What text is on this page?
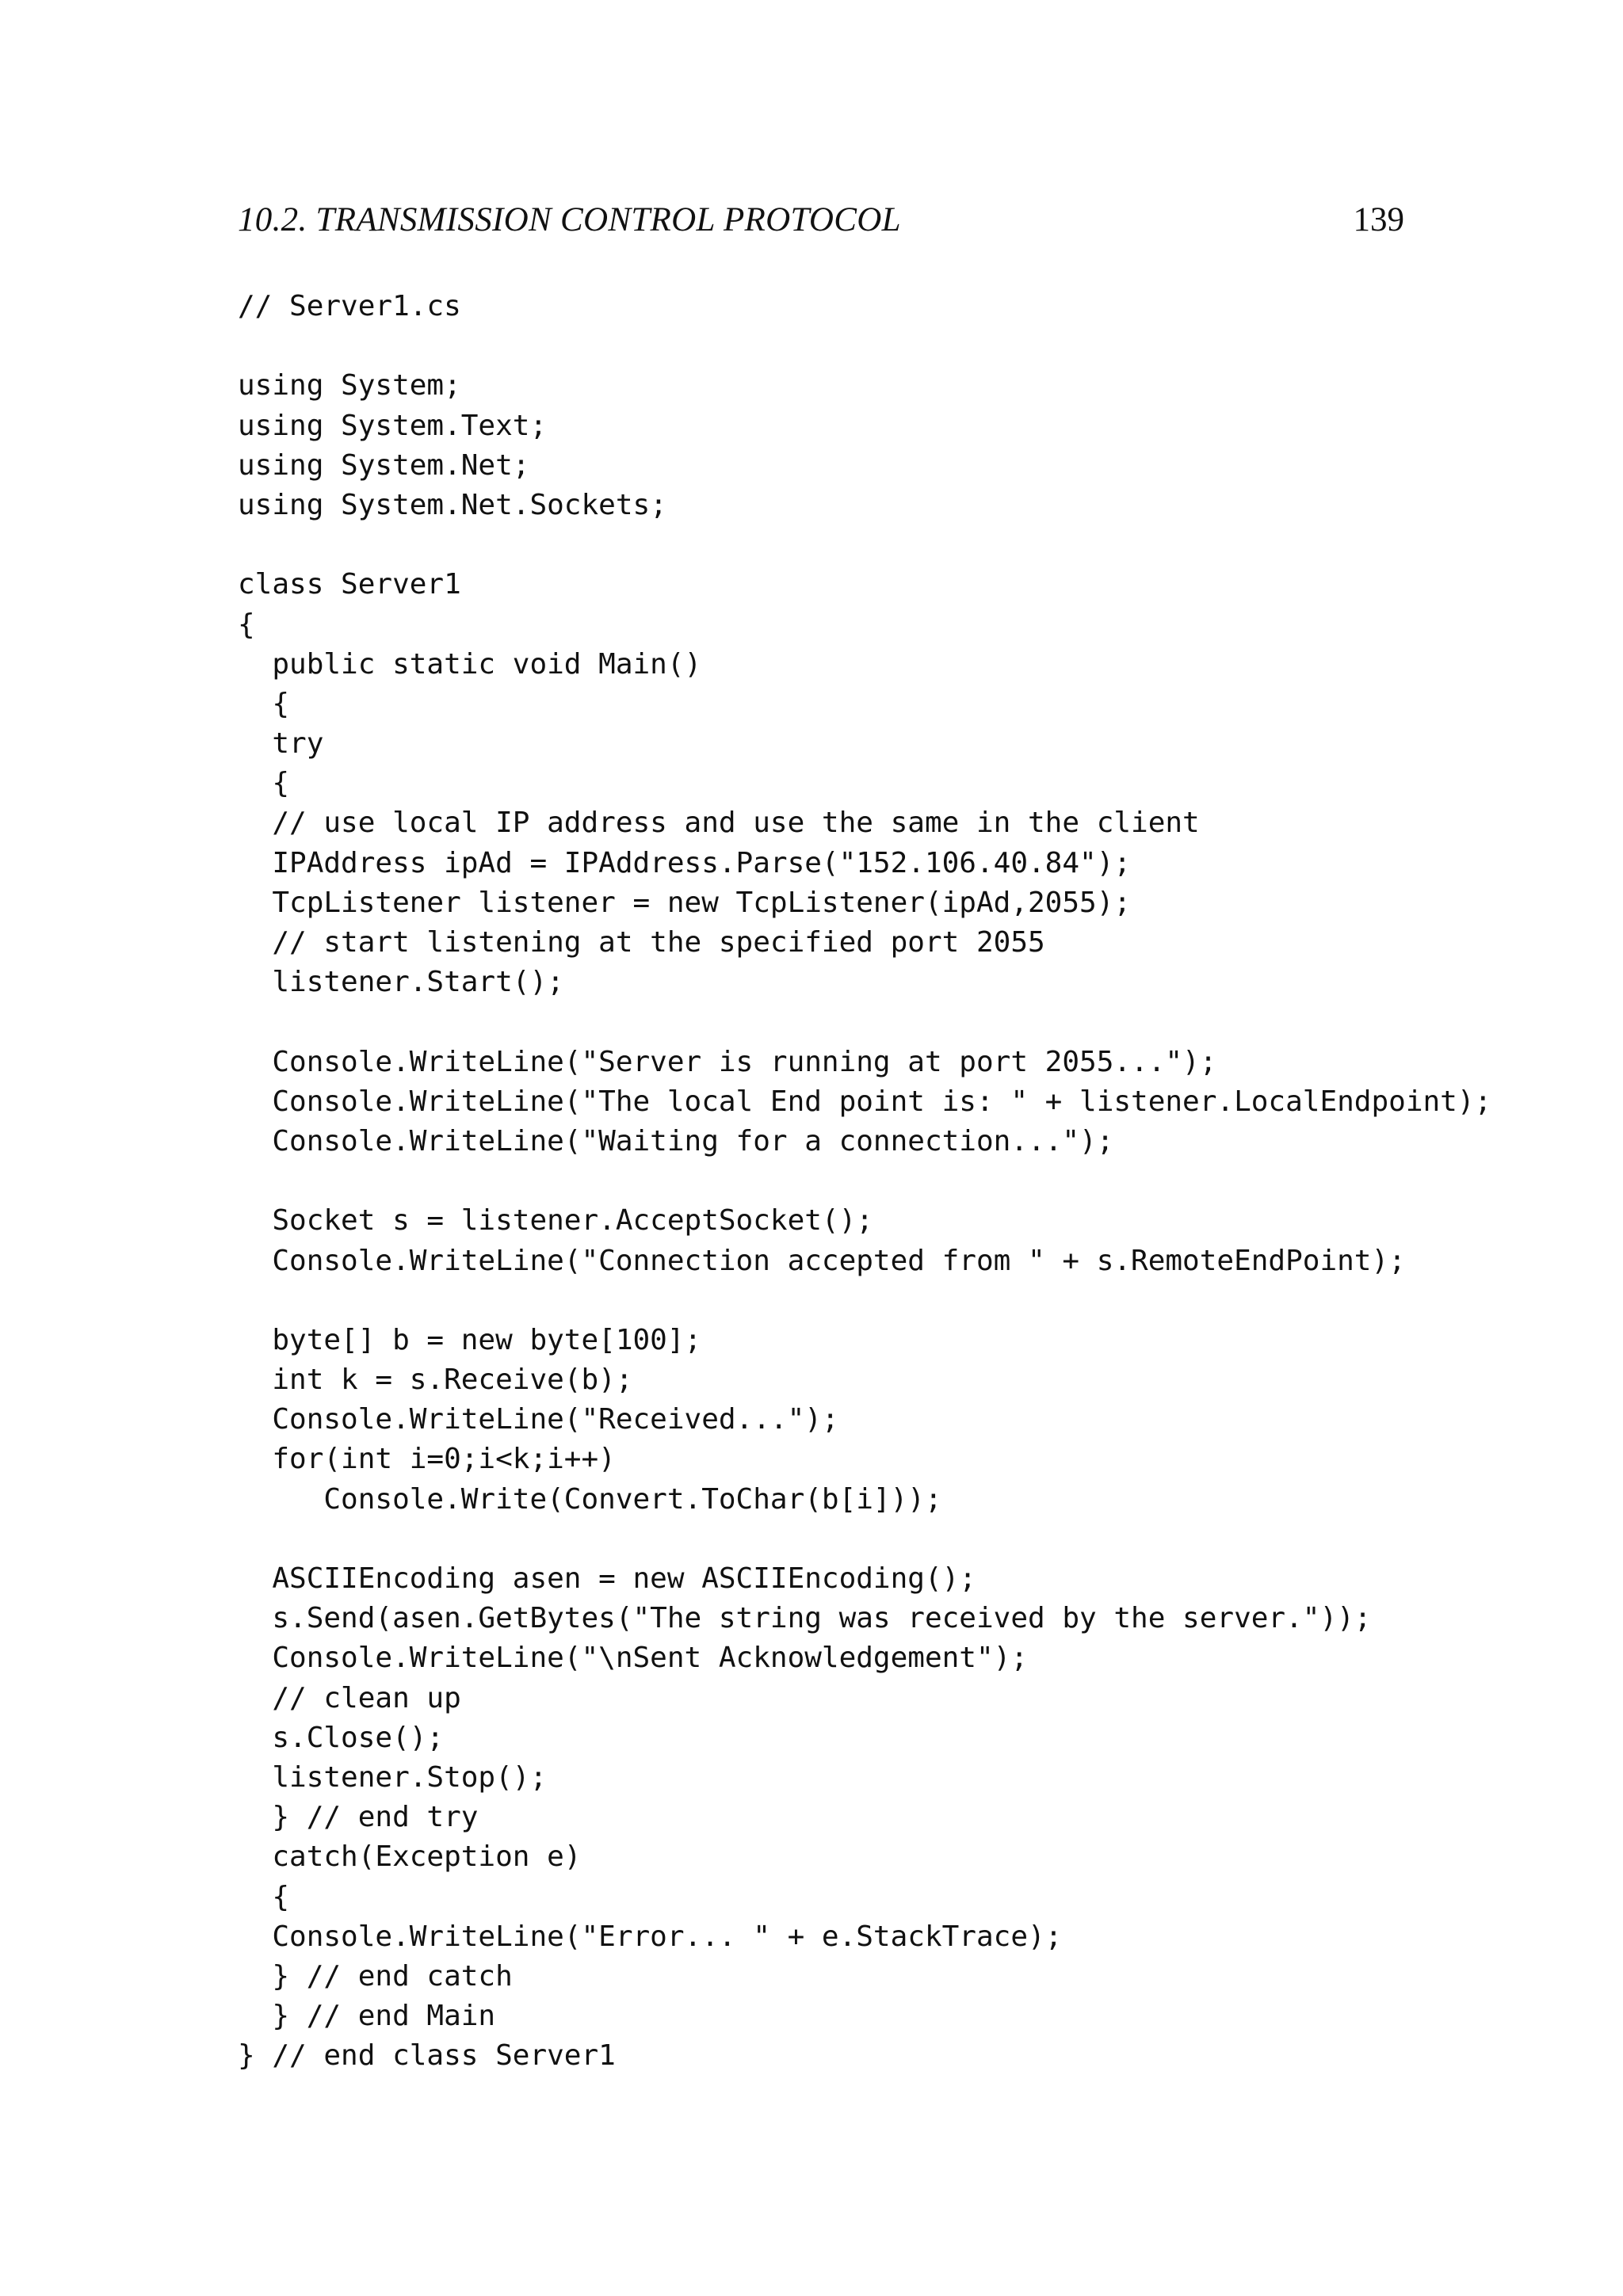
10.2. TRANSMISSION CONTROL PROTOCOL	139
// Server1.cs
using System;
using System.Text;
using System.Net;
using System.Net.Sockets;
class Server1
{
public static void Main()
{
try
{
// use local IP address and use the same in the client
IPAddress ipAd = IPAddress.Parse("152.106.40.84");
TcpListener listener = new TcpListener(ipAd,2055);
// start listening at the specified port 2055
listener.Start();
Console.WriteLine("Server is running at port 2055...");
Console.WriteLine("The local End point is: " + listener.LocalEndpoint);
Console.WriteLine("Waiting for a connection...");
Socket s = listener.AcceptSocket();
Console.WriteLine("Connection accepted from " + s.RemoteEndPoint);
byte[] b = new byte[100];
int k = s.Receive(b);
Console.WriteLine("Received...");
for(int i=0;i<k;i++)
Console.Write(Convert.ToChar(b[i]));
ASCIIEncoding asen = new ASCIIEncoding();
s.Send(asen.GetBytes("The string was received by the server."));
Console.WriteLine("\nSent Acknowledgement");
// clean up
s.Close();
listener.Stop();
} // end try
catch(Exception e)
{
Console.WriteLine("Error... " + e.StackTrace);
} // end catch
} // end Main
} // end class Server1
